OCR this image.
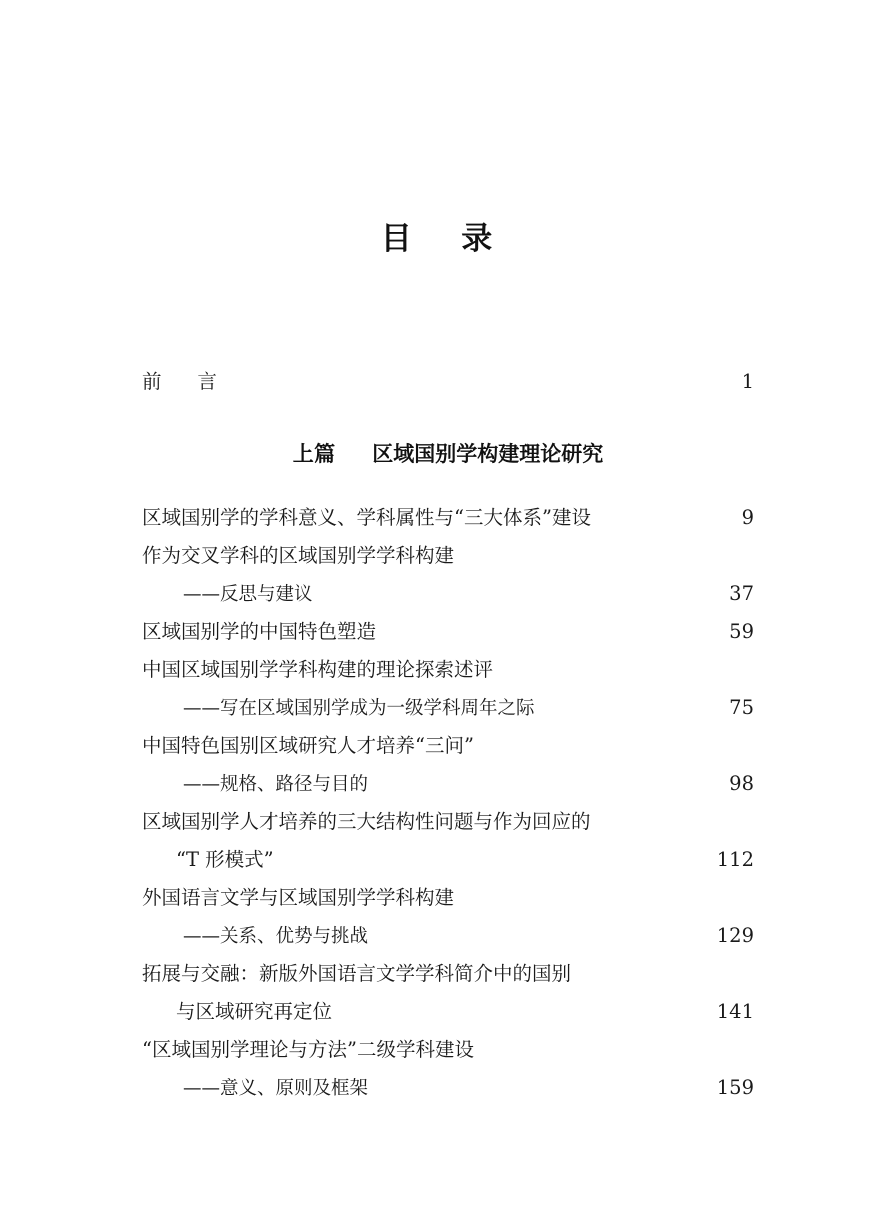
目　录
前　言 ·····	1
上篇 区域国别学构建理论研究
区域国别学的学科意义、学科属性与“三大体系”建设 ·····	9
作为交叉学科的区域国别学学科构建
——反思与建议 ·····	37
区域国别学的中国特色塑造 ·····	59
中国区域国别学学科构建的理论探索述评
——写在区域国别学成为一级学科周年之际 ·····	75
中国特色国别区域研究人才培养“三问”
——规格、路径与目的 ·····	98
区域国别学人才培养的三大结构性问题与作为回应的
“T 形模式” ·····	112
外国语言文学与区域国别学学科构建
——关系、优势与挑战 ·····	129
拓展与交融：新版外国语言文学学科简介中的国别
与区域研究再定位 ·····	141
“区域国别学理论与方法”二级学科建设
——意义、原则及框架 ·····	159
